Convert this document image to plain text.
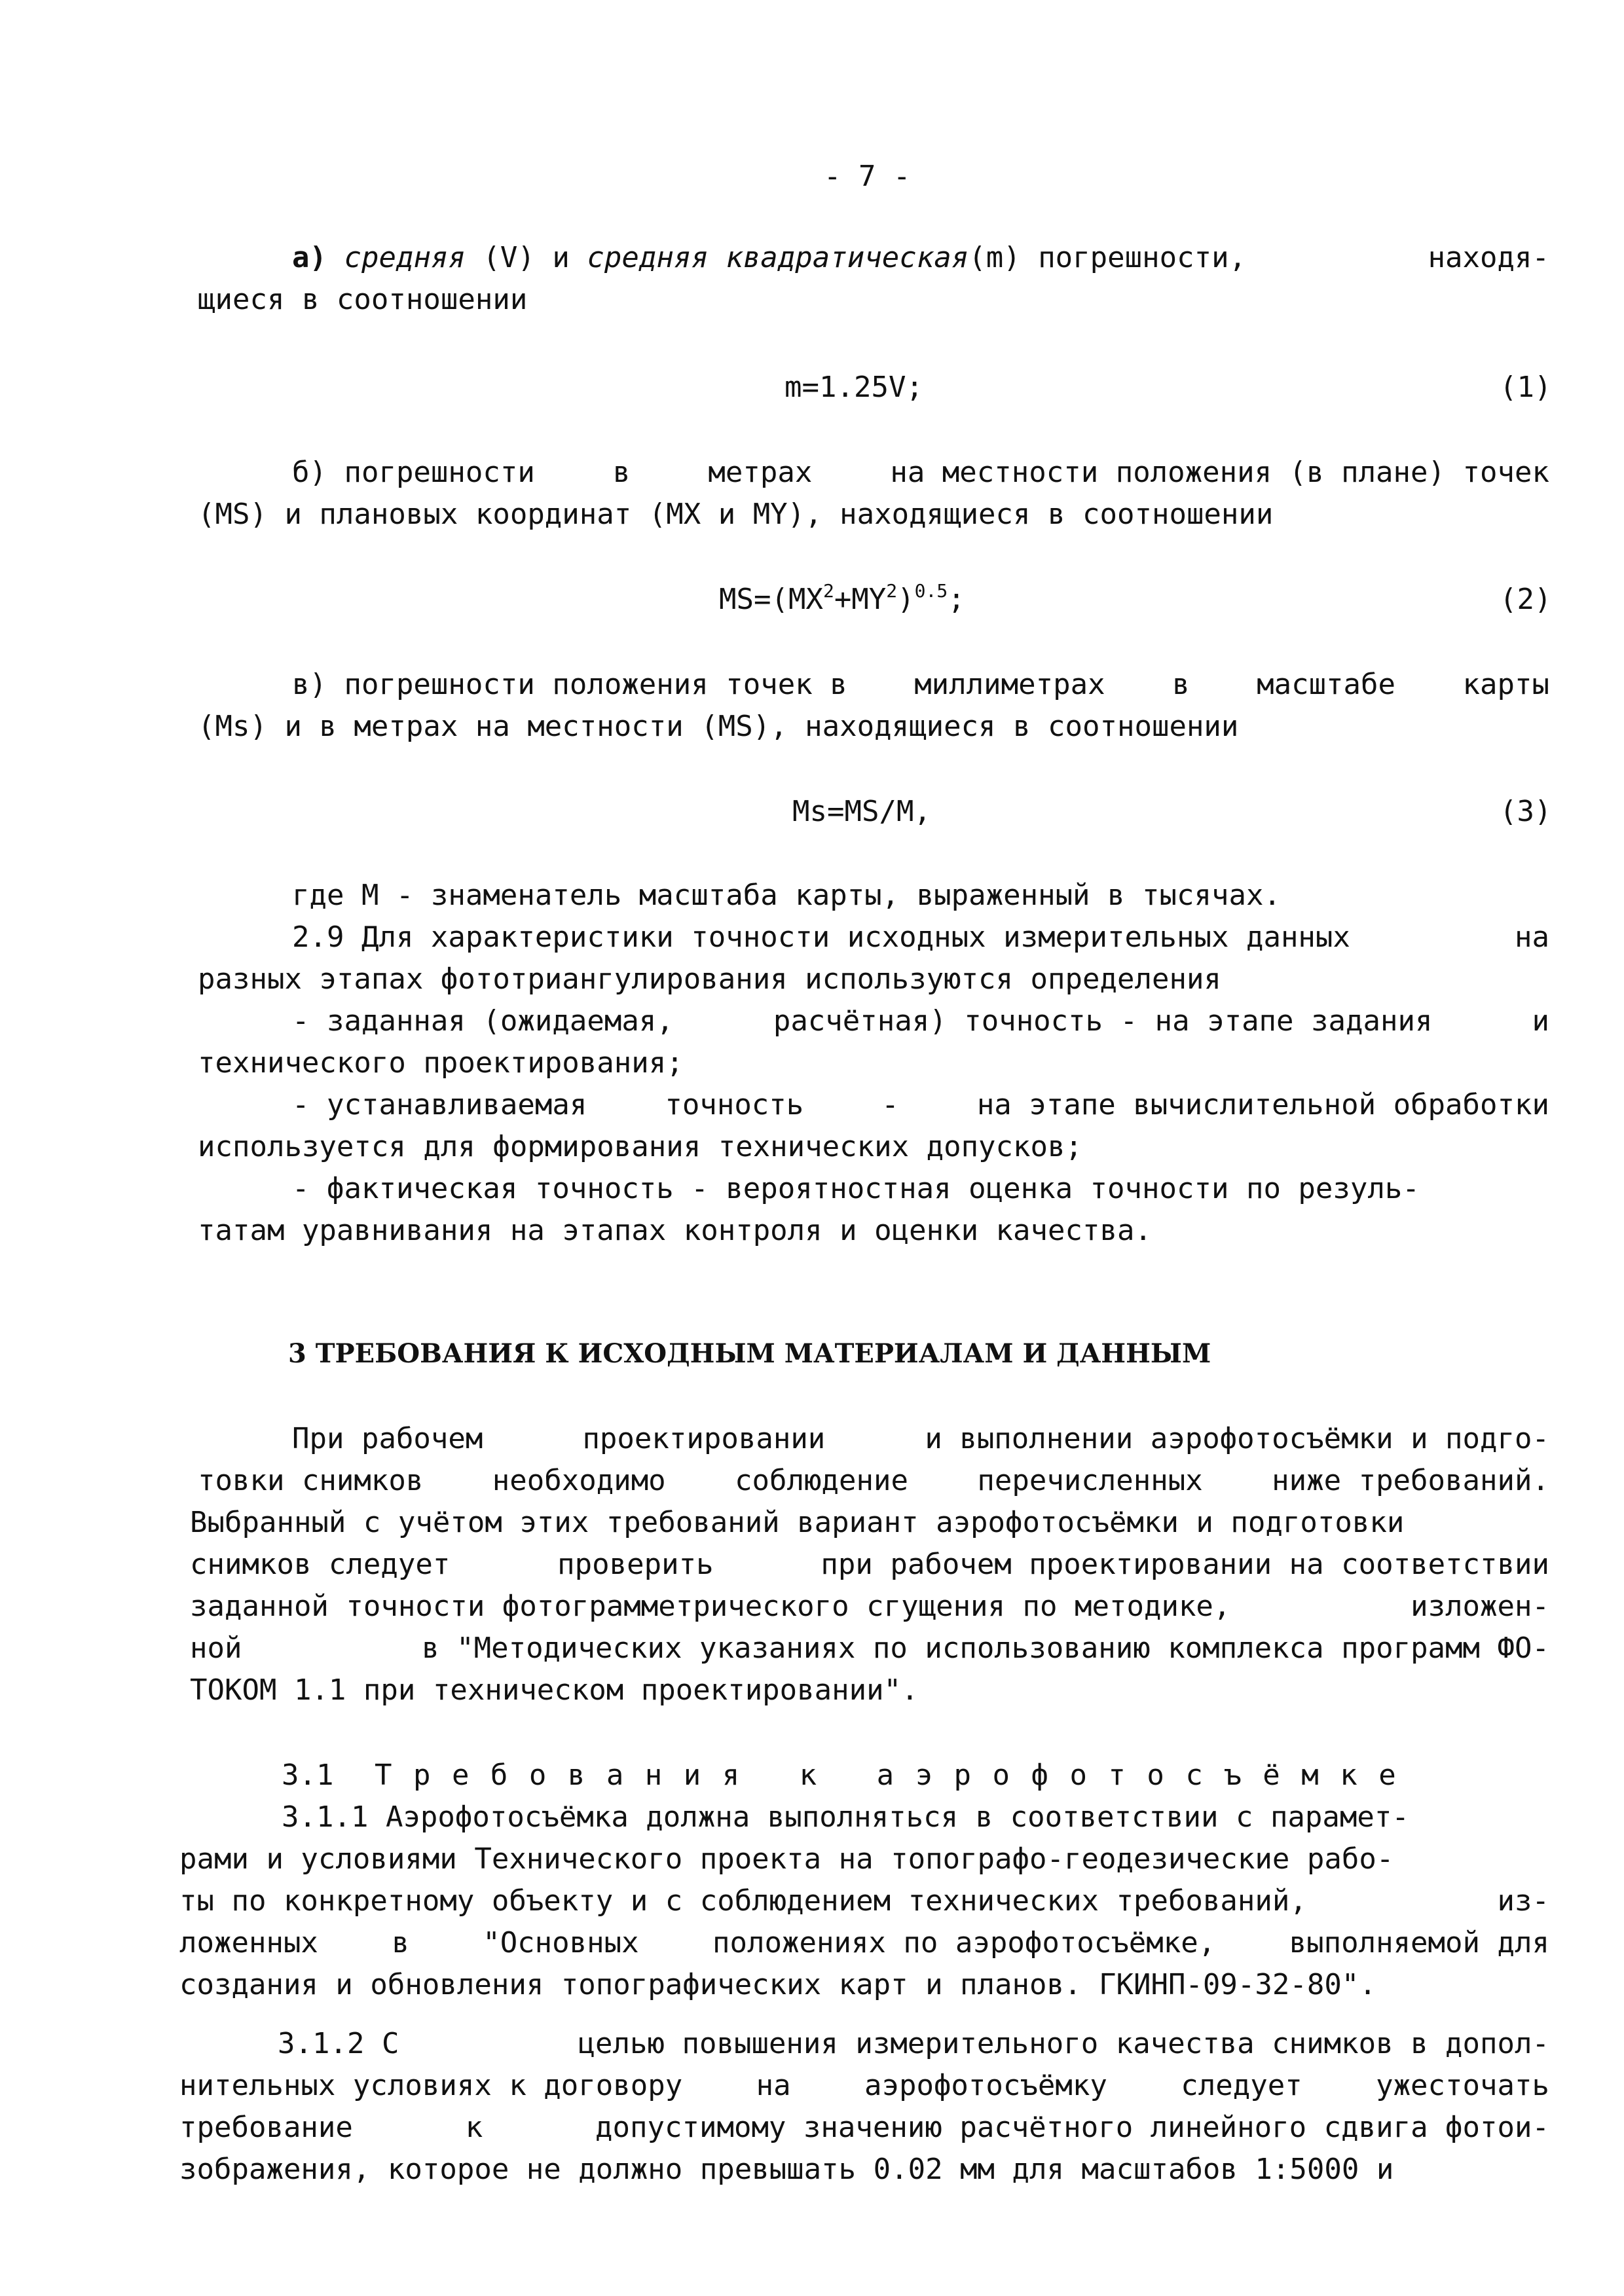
- 7 -
а) средняя (V) и средняя квадратическая(m) погрешности,	находя-
щиеся в соотношении
m=1.25V;	(1)
б) погрешности	в	метрах	на местности положения (в плане) точек
(MS) и плановых координат (MX и MY), находящиеся в соотношении
$MS=(MX^2+MY^2)^{0.5}$;	(2)
в) погрешности положения точек в миллиметрах в масштабе карты
(Ms) и в метрах на местности (MS), находящиеся в соотношении
Ms=MS/M,	(3)
где M - знаменатель масштаба карты, выраженный в тысячах.
2.9 Для характеристики точности исходных измерительных данных	на
разных этапах фототриангулирования используются определения
- заданная (ожидаемая,	расчётная) точность - на этапе задания	и
технического проектирования;
- устанавливаемая	точность	-	на этапе вычислительной обработки
используется для формирования технических допусков;
- фактическая точность - вероятностная оценка точности по резуль-
татам уравнивания на этапах контроля и оценки качества.
3 ТРЕБОВАНИЯ К ИСХОДНЫМ МАТЕРИАЛАМ И ДАННЫМ
При рабочем	проектировании	и выполнении аэрофотосъёмки и подго-
товки снимков необходимо соблюдение перечисленных ниже требований.
Выбранный с учётом этих требований вариант аэрофотосъёмки и подготовки
снимков следует	проверить	при рабочем проектировании на соответствии
заданной точности фотограмметрического сгущения по методике,	изложен-
ной	в "Методических указаниях по использованию комплекса программ ФО-
ТОКОМ 1.1 при техническом проектировании".
3.1 Т р е б о в а н и я
к
а э р о ф о т о с ъ ё м к е
3.1.1 Аэрофотосъёмка должна выполняться в соответствии с парамет-
рами и условиями Технического проекта на топографо-геодезические рабо-
ты по конкретному объекту и с соблюдением технических требований,	из-
ложенных	в	"Основных	положениях по аэрофотосъёмке,	выполняемой для
создания и обновления топографических карт и планов. ГКИНП-09-32-80".
3.1.2 С	целью повышения измерительного качества снимков в допол-
нительных условиях к договору	на	аэрофотосъёмку	следует	ужесточать
требование	к	допустимому значению расчётного линейного сдвига фотои-
зображения, которое не должно превышать 0.02 мм для масштабов 1:5000 и
